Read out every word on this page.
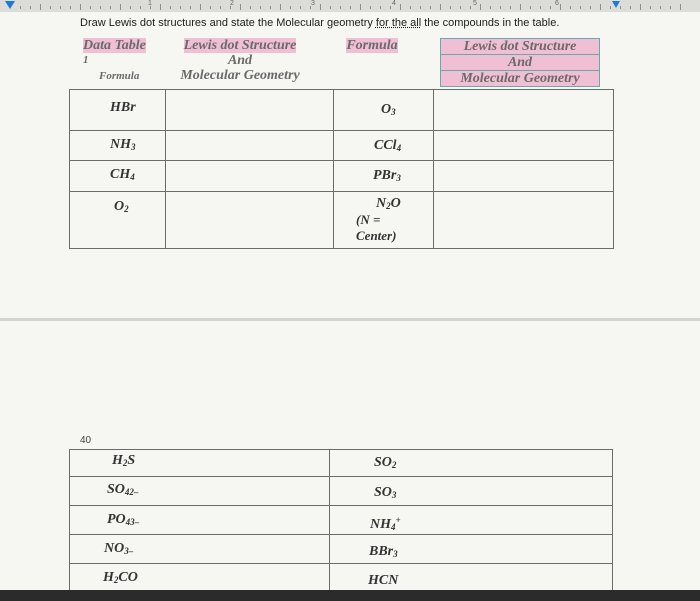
1	2	3	4	5	6
Draw Lewis dot structures and state the Molecular geometry for the all the compounds in the table.
Data Table
1
Formula
Lewis dot Structure
And
Molecular Geometry
Formula	Lewis dot Structure
And
Molecular Geometry
HBr	$O_3$
$NH_3$	CCl$_4$
$CH_4$	PBr$_3$
$O_2$	$N_2O$
(N =
Center)
40
$H_2S$	$SO_2$
$SO_{42-}$	$SO_3$
$PO_{43-}$	$NH_4^+$
$NO_{3-}$	BBr$_3$
$H_2CO$	HCN
